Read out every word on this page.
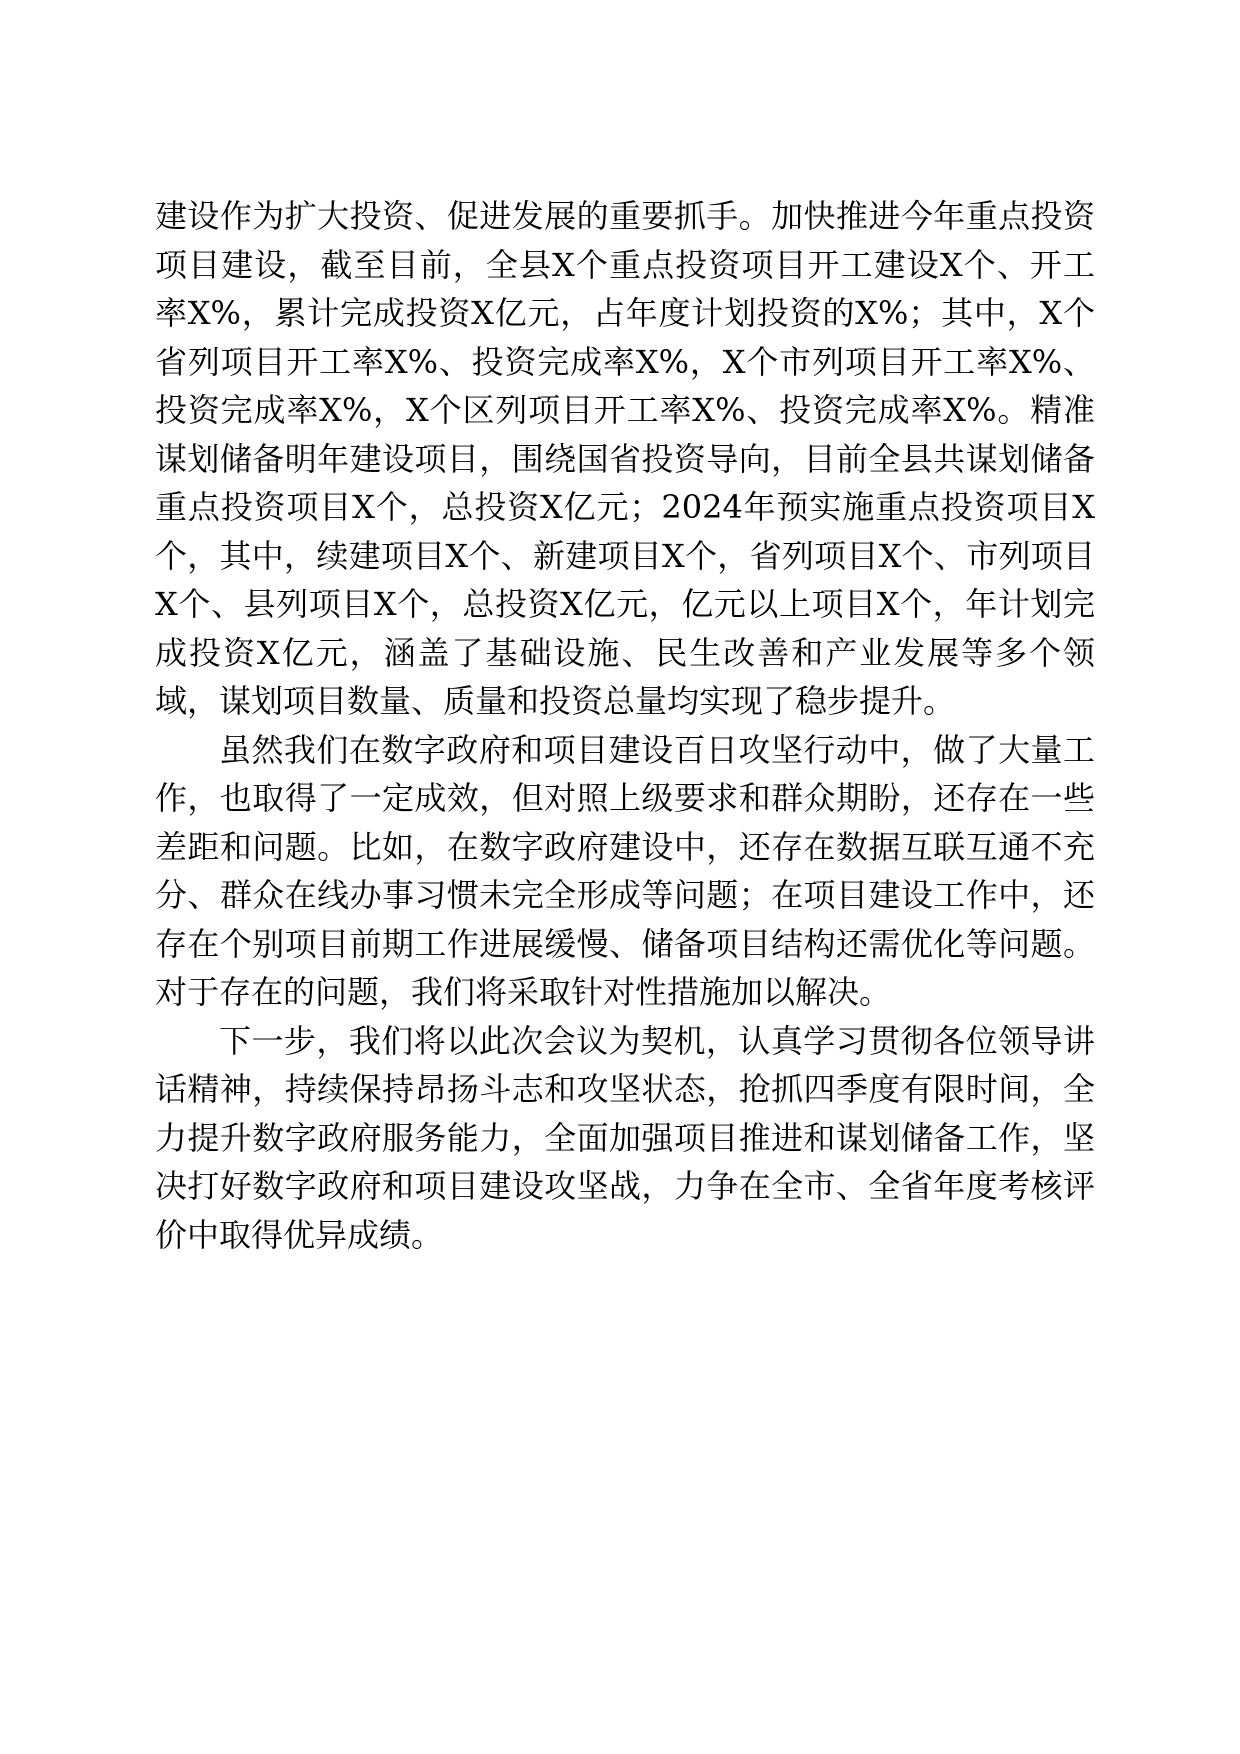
建设作为扩大投资、促进发展的重要抓手。加快推进今年重点投资项目建设，截至目前，全县X个重点投资项目开工建设X个、开工率X%，累计完成投资X亿元，占年度计划投资的X%；其中，X个省列项目开工率X%、投资完成率X%，X个市列项目开工率X%、投资完成率X%，X个区列项目开工率X%、投资完成率X%。精准谋划储备明年建设项目，围绕国省投资导向，目前全县共谋划储备重点投资项目X个，总投资X亿元；2024年预实施重点投资项目X个，其中，续建项目X个、新建项目X个，省列项目X个、市列项目X个、县列项目X个，总投资X亿元，亿元以上项目X个，年计划完成投资X亿元，涵盖了基础设施、民生改善和产业发展等多个领域，谋划项目数量、质量和投资总量均实现了稳步提升。

虽然我们在数字政府和项目建设百日攻坚行动中，做了大量工作，也取得了一定成效，但对照上级要求和群众期盼，还存在一些差距和问题。比如，在数字政府建设中，还存在数据互联互通不充分、群众在线办事习惯未完全形成等问题；在项目建设工作中，还存在个别项目前期工作进展缓慢、储备项目结构还需优化等问题。对于存在的问题，我们将采取针对性措施加以解决。

下一步，我们将以此次会议为契机，认真学习贯彻各位领导讲话精神，持续保持昂扬斗志和攻坚状态，抢抓四季度有限时间，全力提升数字政府服务能力，全面加强项目推进和谋划储备工作，坚决打好数字政府和项目建设攻坚战，力争在全市、全省年度考核评价中取得优异成绩。
